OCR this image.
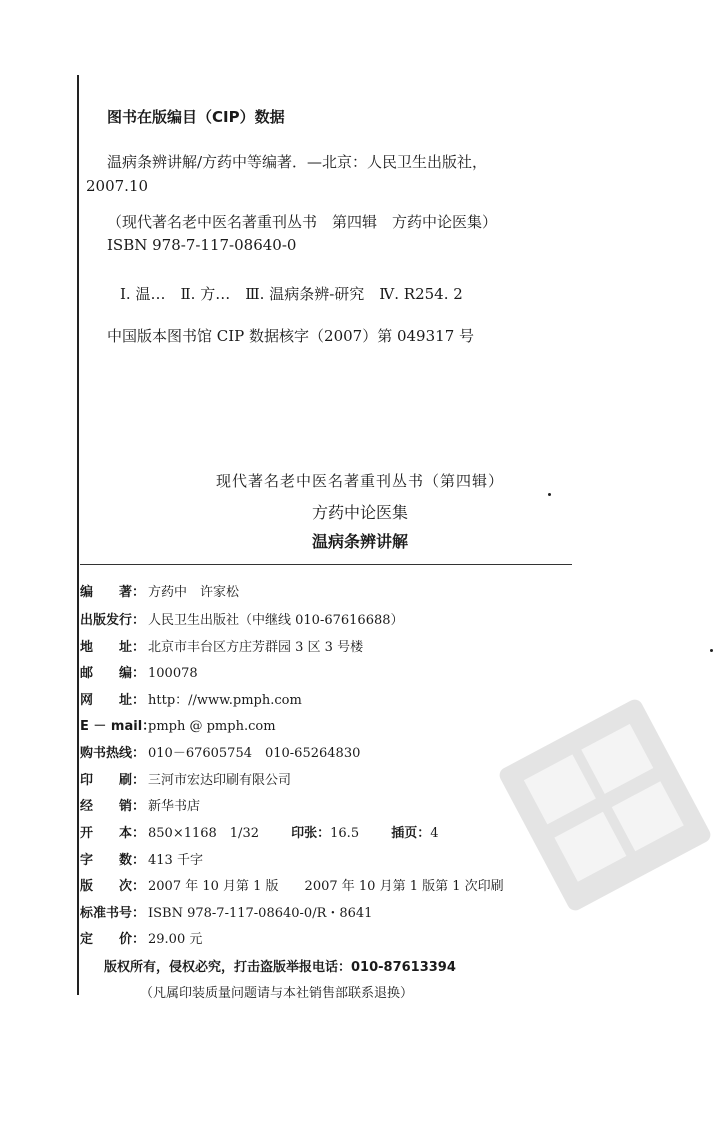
图书在版编目（CIP）数据
温病条辨讲解/方药中等编著．—北京：人民卫生出版社，
2007.10
（现代著名老中医名著重刊丛书　第四辑　方药中论医集）
ISBN 978-7-117-08640-0
Ⅰ. 温…　Ⅱ. 方…　Ⅲ. 温病条辨-研究　Ⅳ. R254. 2
中国版本图书馆 CIP 数据核字（2007）第 049317 号
现代著名老中医名著重刊丛书（第四辑）
方药中论医集
温病条辨讲解
编　　著： 方药中　许家松
出版发行： 人民卫生出版社（中继线 010-67616688）
地　　址： 北京市丰台区方庄芳群园 3 区 3 号楼
邮　　编： 100078
网　　址： http：//www.pmph.com
E － mail：pmph @ pmph.com
购书热线： 010－67605754　010-65264830
印　　刷： 三河市宏达印刷有限公司
经　　销： 新华书店
开　　本： 850×1168　1/32 印张：16.5 插页：4
字　　数： 413 千字
版　　次： 2007 年 10 月第 1 版　　2007 年 10 月第 1 版第 1 次印刷
标准书号： ISBN 978-7-117-08640-0/R・8641
定　　价： 29.00 元
版权所有，侵权必究，打击盗版举报电话：010-87613394
（凡属印装质量问题请与本社销售部联系退换）
